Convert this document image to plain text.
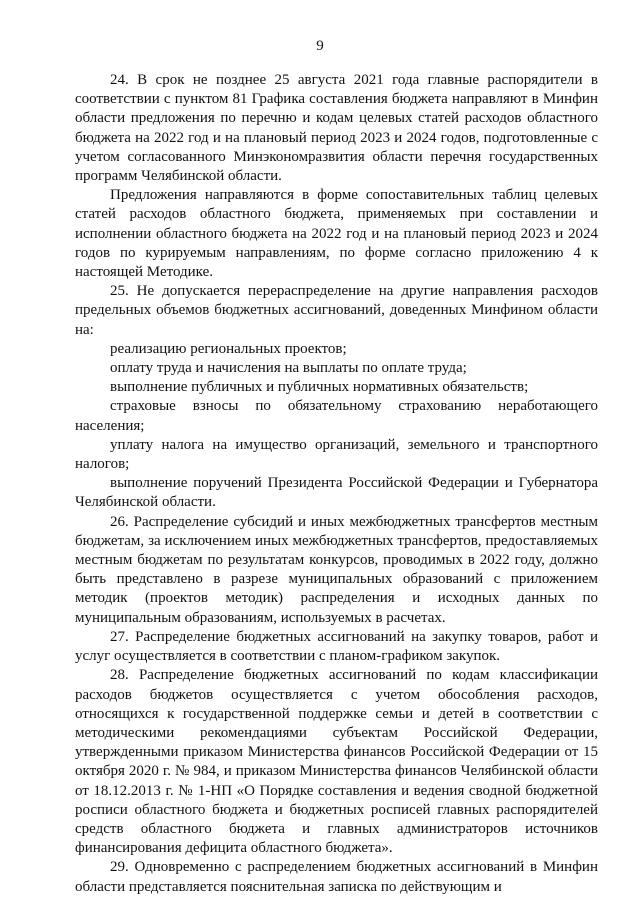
9

24. В срок не позднее 25 августа 2021 года главные распорядители в соответствии с пунктом 81 Графика составления бюджета направляют в Минфин области предложения по перечню и кодам целевых статей расходов областного бюджета на 2022 год и на плановый период 2023 и 2024 годов, подготовленные с учетом согласованного Минэкономразвития области перечня государственных программ Челябинской области.

Предложения направляются в форме сопоставительных таблиц целевых статей расходов областного бюджета, применяемых при составлении и исполнении областного бюджета на 2022 год и на плановый период 2023 и 2024 годов по курируемым направлениям, по форме согласно приложению 4 к настоящей Методике.

25. Не допускается перераспределение на другие направления расходов предельных объемов бюджетных ассигнований, доведенных Минфином области на:

реализацию региональных проектов;

оплату труда и начисления на выплаты по оплате труда;

выполнение публичных и публичных нормативных обязательств;

страховые взносы по обязательному страхованию неработающего населения;

уплату налога на имущество организаций, земельного и транспортного налогов;

выполнение поручений Президента Российской Федерации и Губернатора Челябинской области.

26. Распределение субсидий и иных межбюджетных трансфертов местным бюджетам, за исключением иных межбюджетных трансфертов, предоставляемых местным бюджетам по результатам конкурсов, проводимых в 2022 году, должно быть представлено в разрезе муниципальных образований с приложением методик (проектов методик) распределения и исходных данных по муниципальным образованиям, используемых в расчетах.

27. Распределение бюджетных ассигнований на закупку товаров, работ и услуг осуществляется в соответствии с планом-графиком закупок.

28. Распределение бюджетных ассигнований по кодам классификации расходов бюджетов осуществляется с учетом обособления расходов, относящихся к государственной поддержке семьи и детей в соответствии с методическими рекомендациями субъектам Российской Федерации, утвержденными приказом Министерства финансов Российской Федерации от 15 октября 2020 г. № 984, и приказом Министерства финансов Челябинской области от 18.12.2013 г. № 1-НП «О Порядке составления и ведения сводной бюджетной росписи областного бюджета и бюджетных росписей главных распорядителей средств областного бюджета и главных администраторов источников финансирования дефицита областного бюджета».

29. Одновременно с распределением бюджетных ассигнований в Минфин области представляется пояснительная записка по действующим и
